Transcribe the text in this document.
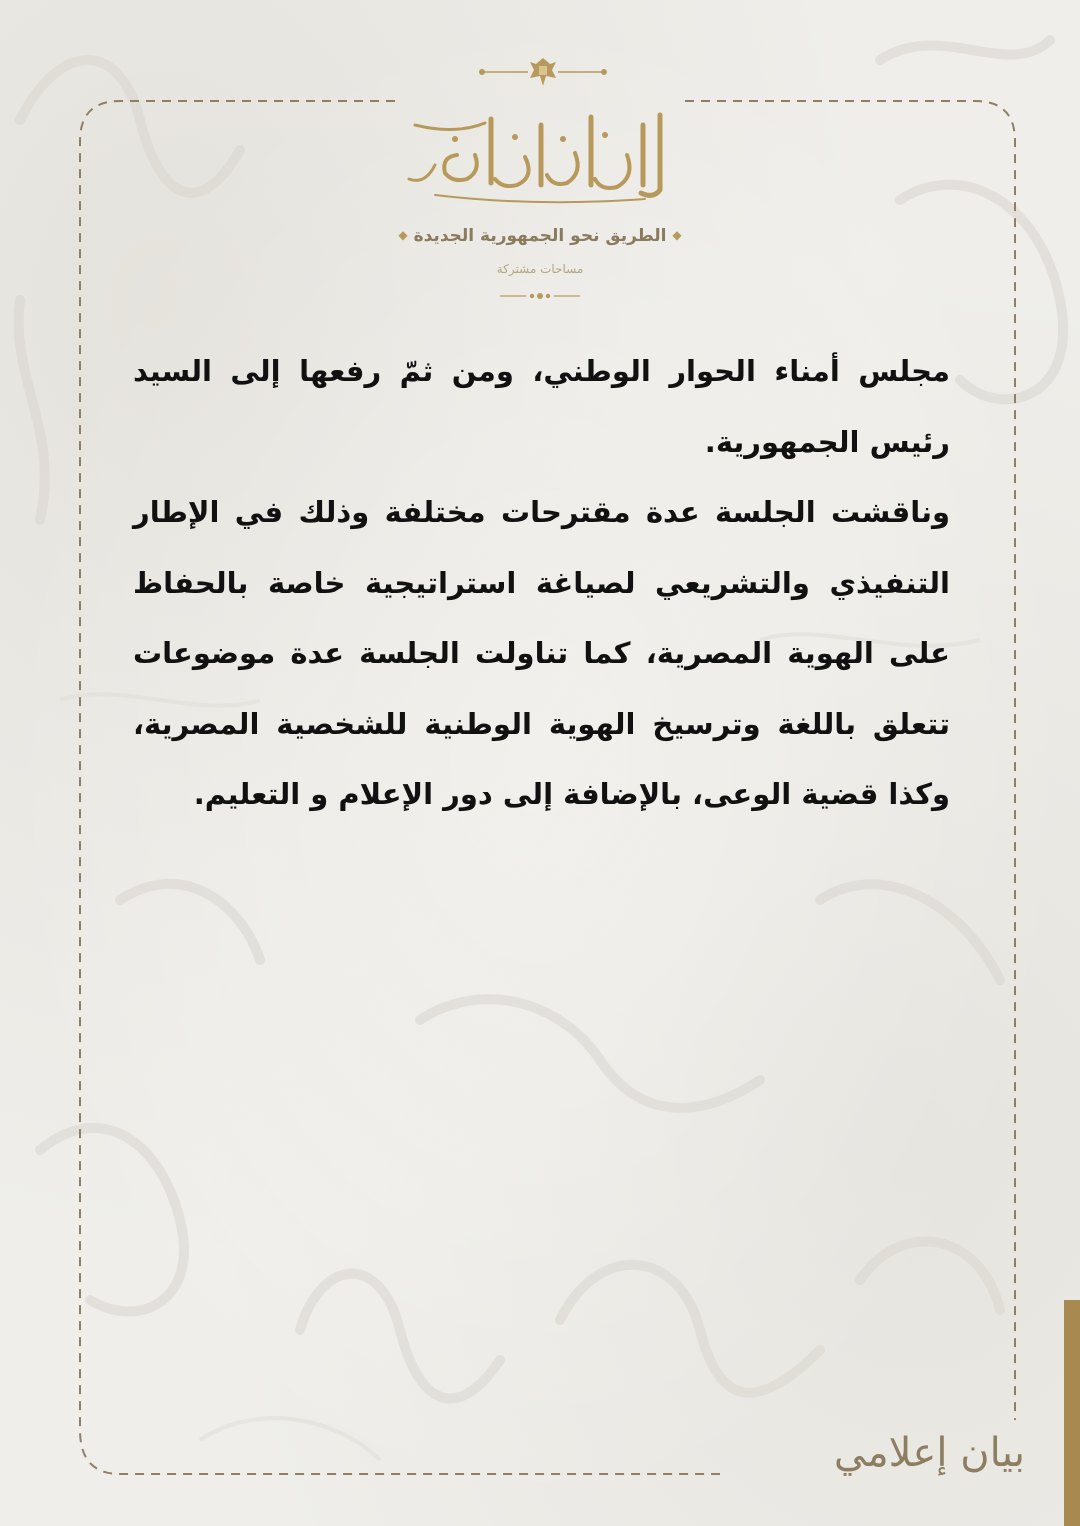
◆الطريق نحو الجمهورية الجديدة◆
مساحات مشتركة

مجلس أمناء الحوار الوطني، ومن ثمّ رفعها إلى السيد رئيس الجمهورية.

وناقشت الجلسة عدة مقترحات مختلفة وذلك في الإطار التنفيذي والتشريعي لصياغة استراتيجية خاصة بالحفاظ على الهوية المصرية، كما تناولت الجلسة عدة موضوعات تتعلق باللغة وترسيخ الهوية الوطنية للشخصية المصرية، وكذا قضية الوعى، بالإضافة إلى دور الإعلام و التعليم.

بيان إعلامي
